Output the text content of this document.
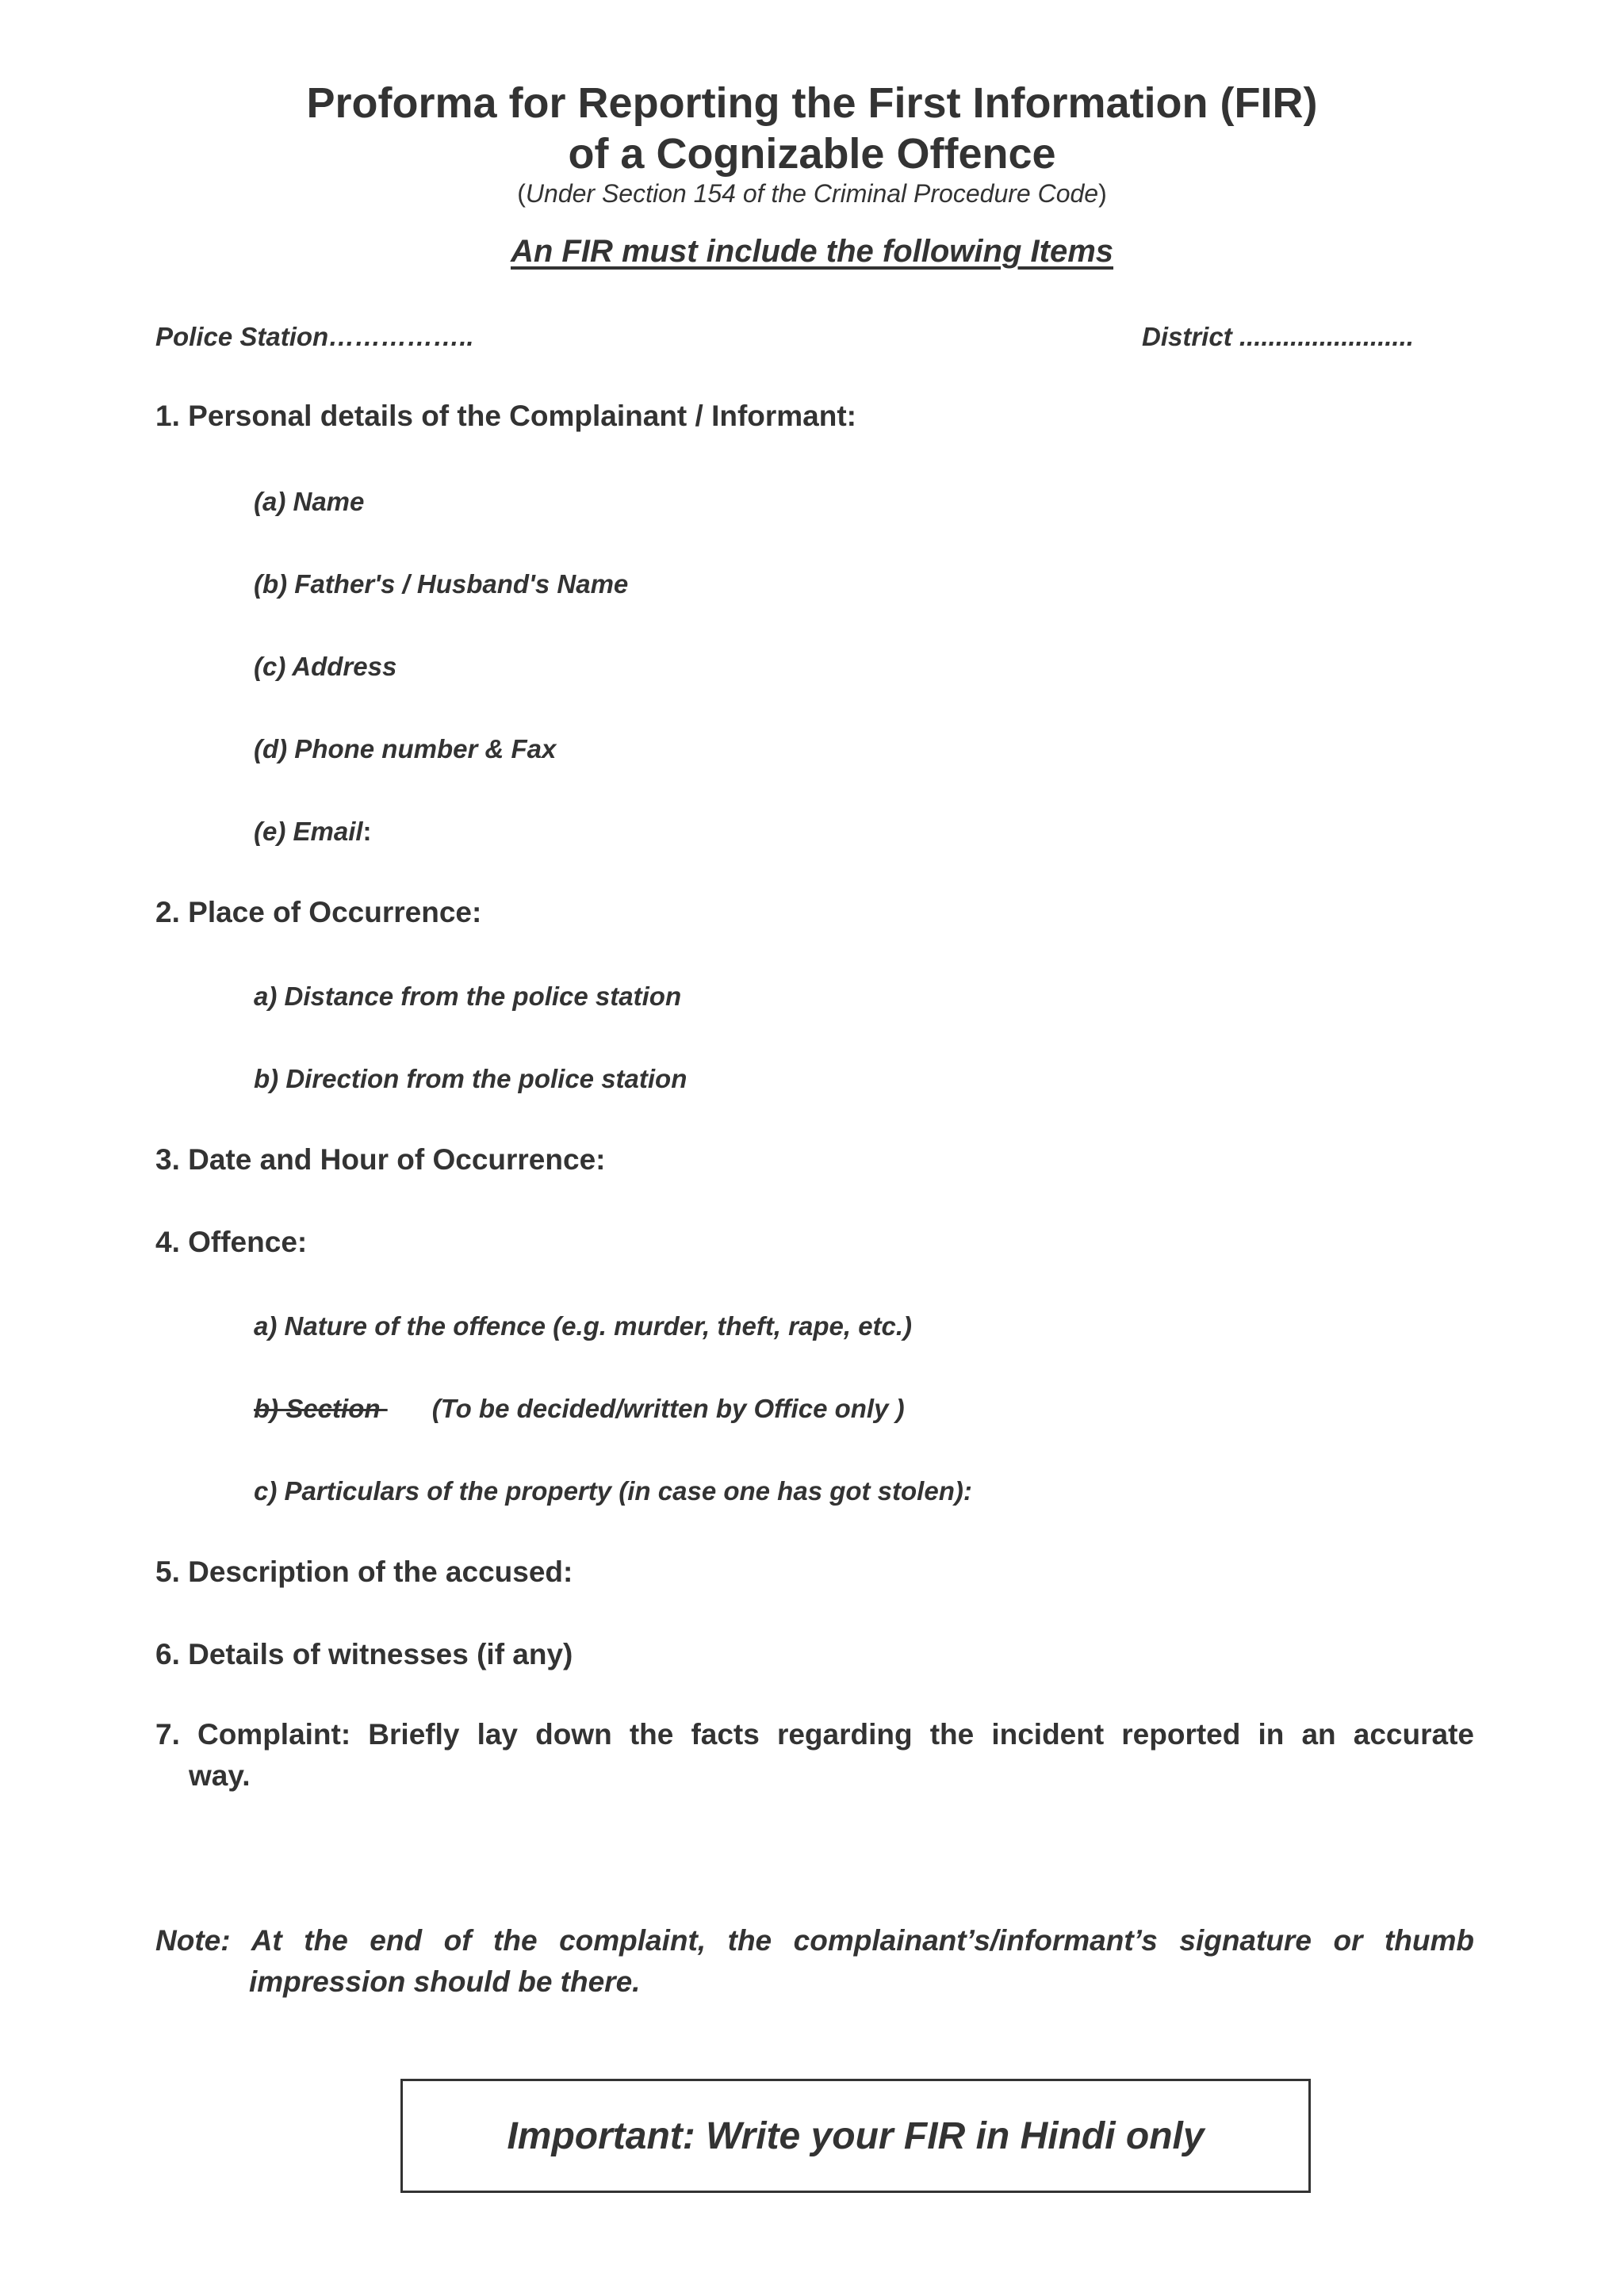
Proforma for Reporting the First Information (FIR)
of a Cognizable Offence
(Under Section 154 of the Criminal Procedure Code)
An FIR must include the following Items
Police Station……………..	District ........................
1. Personal details of the Complainant / Informant:
(a) Name
(b) Father's / Husband's Name
(c) Address
(d) Phone number & Fax
(e) Email:
2. Place of Occurrence:
a) Distance from the police station
b) Direction from the police station
3. Date and Hour of Occurrence:
4. Offence:
a) Nature of the offence (e.g. murder, theft, rape, etc.)
b) Section (To be decided/written by Office only )
c) Particulars of the property (in case one has got stolen):
5. Description of the accused:
6. Details of witnesses (if any)
7. Complaint: Briefly lay down the facts regarding the incident reported in an accurate
way.
Note: At the end of the complaint, the complainant’s/informant’s signature or thumb
impression should be there.
Important: Write your FIR in Hindi only
